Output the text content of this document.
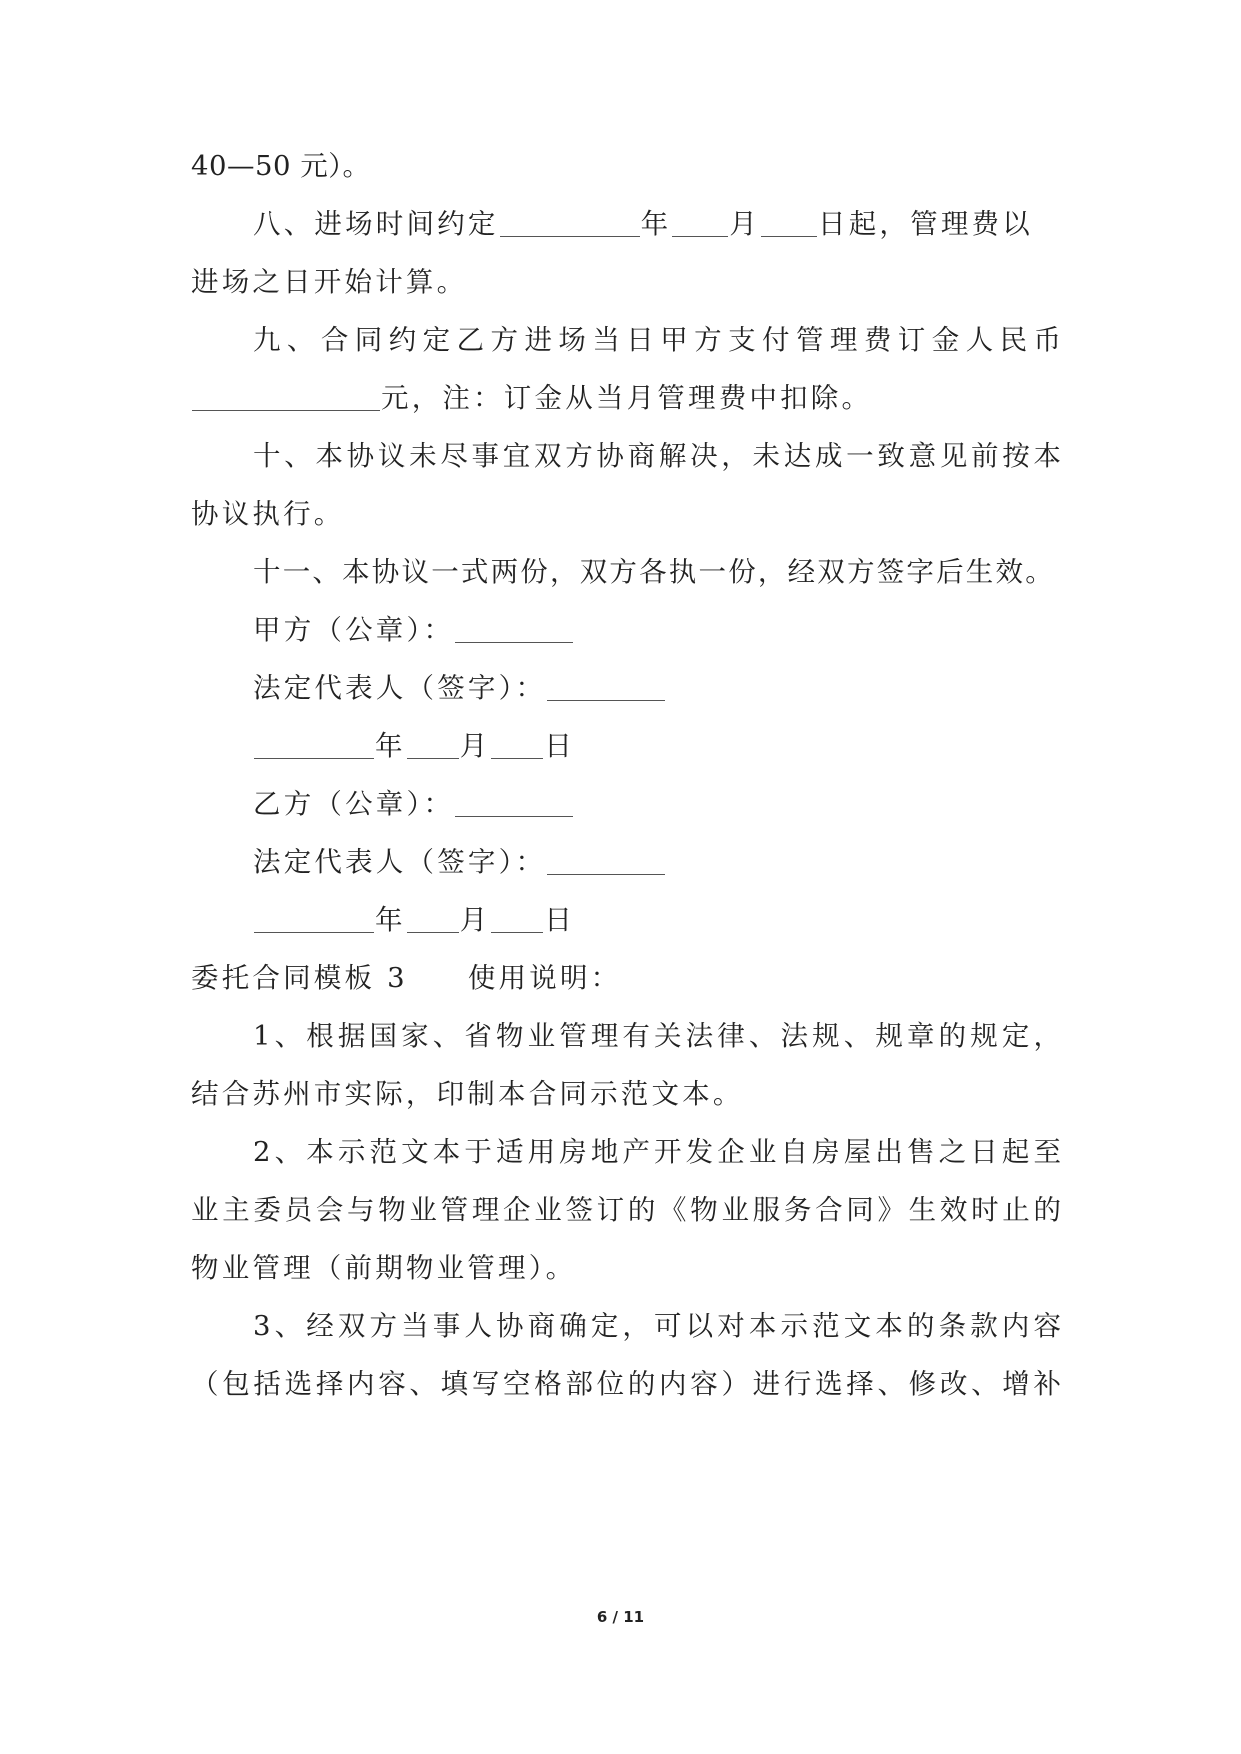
40—50 元）。
八、进场时间约定	年 月 日起，管理费以
进场之日开始计算。
九、合同约定乙方进场当日甲方支付管理费订金人民币
元，注：订金从当月管理费中扣除。
十、本协议未尽事宜双方协商解决，未达成一致意见前按本
协议执行。
十一、本协议一式两份，双方各执一份，经双方签字后生效。
甲方（公章）：
法定代表人（签字）：
年 月 日
乙方（公章）：
法定代表人（签字）：
年 月 日
委托合同模板 3 使用说明：
1、根据国家、省物业管理有关法律、法规、规章的规定，
结合苏州市实际，印制本合同示范文本。
2、本示范文本于适用房地产开发企业自房屋出售之日起至
业主委员会与物业管理企业签订的《物业服务合同》生效时止的
物业管理（前期物业管理）。
3、经双方当事人协商确定，可以对本示范文本的条款内容
（包括选择内容、填写空格部位的内容）进行选择、修改、增补
6 / 11
